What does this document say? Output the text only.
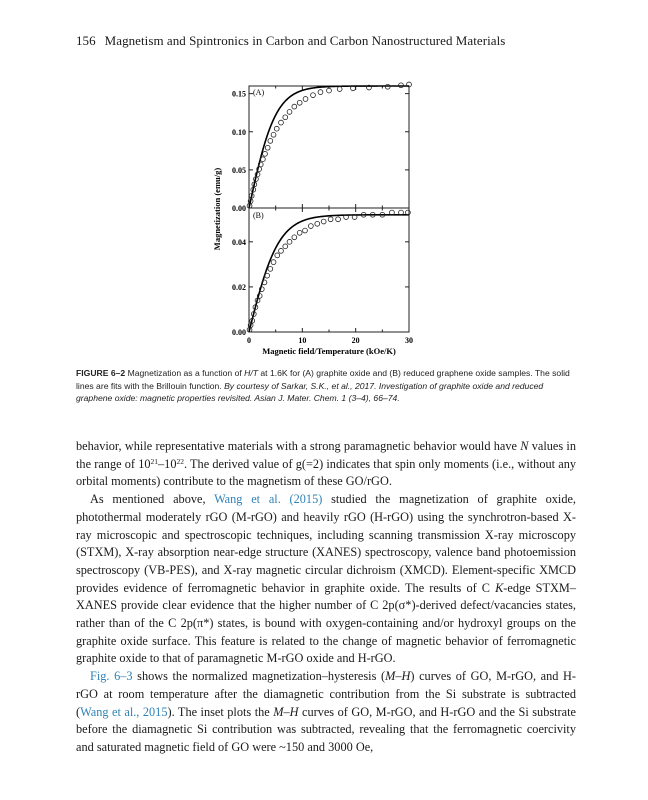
156 Magnetism and Spintronics in Carbon and Carbon Nanostructured Materials
(A)
(B)
0.15
0.10
0.05
0.00
0.04
0.02
0.00
0	10	20	30
Magnetization (emu/g)
Magnetic field/Temperature (kOe/K)
FIGURE 6–2 Magnetization as a function of H/T at 1.6K for (A) graphite oxide and (B) reduced graphene oxide samples. The solid lines are fits with the Brillouin function. By courtesy of Sarkar, S.K., et al., 2017. Investigation of graphite oxide and reduced graphene oxide: magnetic properties revisited. Asian J. Mater. Chem. 1 (3–4), 66–74.

behavior, while representative materials with a strong paramagnetic behavior would have N values in the range of $10^{21}-10^{22}$. The derived value of g(=2) indicates that spin only moments (i.e., without any orbital moments) contribute to the magnetism of these GO/rGO.

As mentioned above, Wang et al. (2015) studied the magnetization of graphite oxide, photothermal moderately rGO (M-rGO) and heavily rGO (H-rGO) using the synchrotron-based X-ray microscopic and spectroscopic techniques, including scanning transmission X-ray microscopy (STXM), X-ray absorption near-edge structure (XANES) spectroscopy, valence band photoemission spectroscopy (VB-PES), and X-ray magnetic circular dichroism (XMCD). Element-specific XMCD provides evidence of ferromagnetic behavior in graphite oxide. The results of C K-edge STXM–XANES provide clear evidence that the higher number of C 2p(σ*)-derived defect/vacancies states, rather than of the C 2p(π*) states, is bound with oxygen-containing and/or hydroxyl groups on the graphite oxide surface. This feature is related to the change of magnetic behavior of ferromagnetic graphite oxide to that of paramagnetic M-rGO oxide and H-rGO.

Fig. 6–3 shows the normalized magnetization–hysteresis (M–H) curves of GO, M-rGO, and H-rGO at room temperature after the diamagnetic contribution from the Si substrate is subtracted (Wang et al., 2015). The inset plots the M–H curves of GO, M-rGO, and H-rGO and the Si substrate before the diamagnetic Si contribution was subtracted, revealing that the ferromagnetic coercivity and saturated magnetic field of GO were ~150 and 3000 Oe,
